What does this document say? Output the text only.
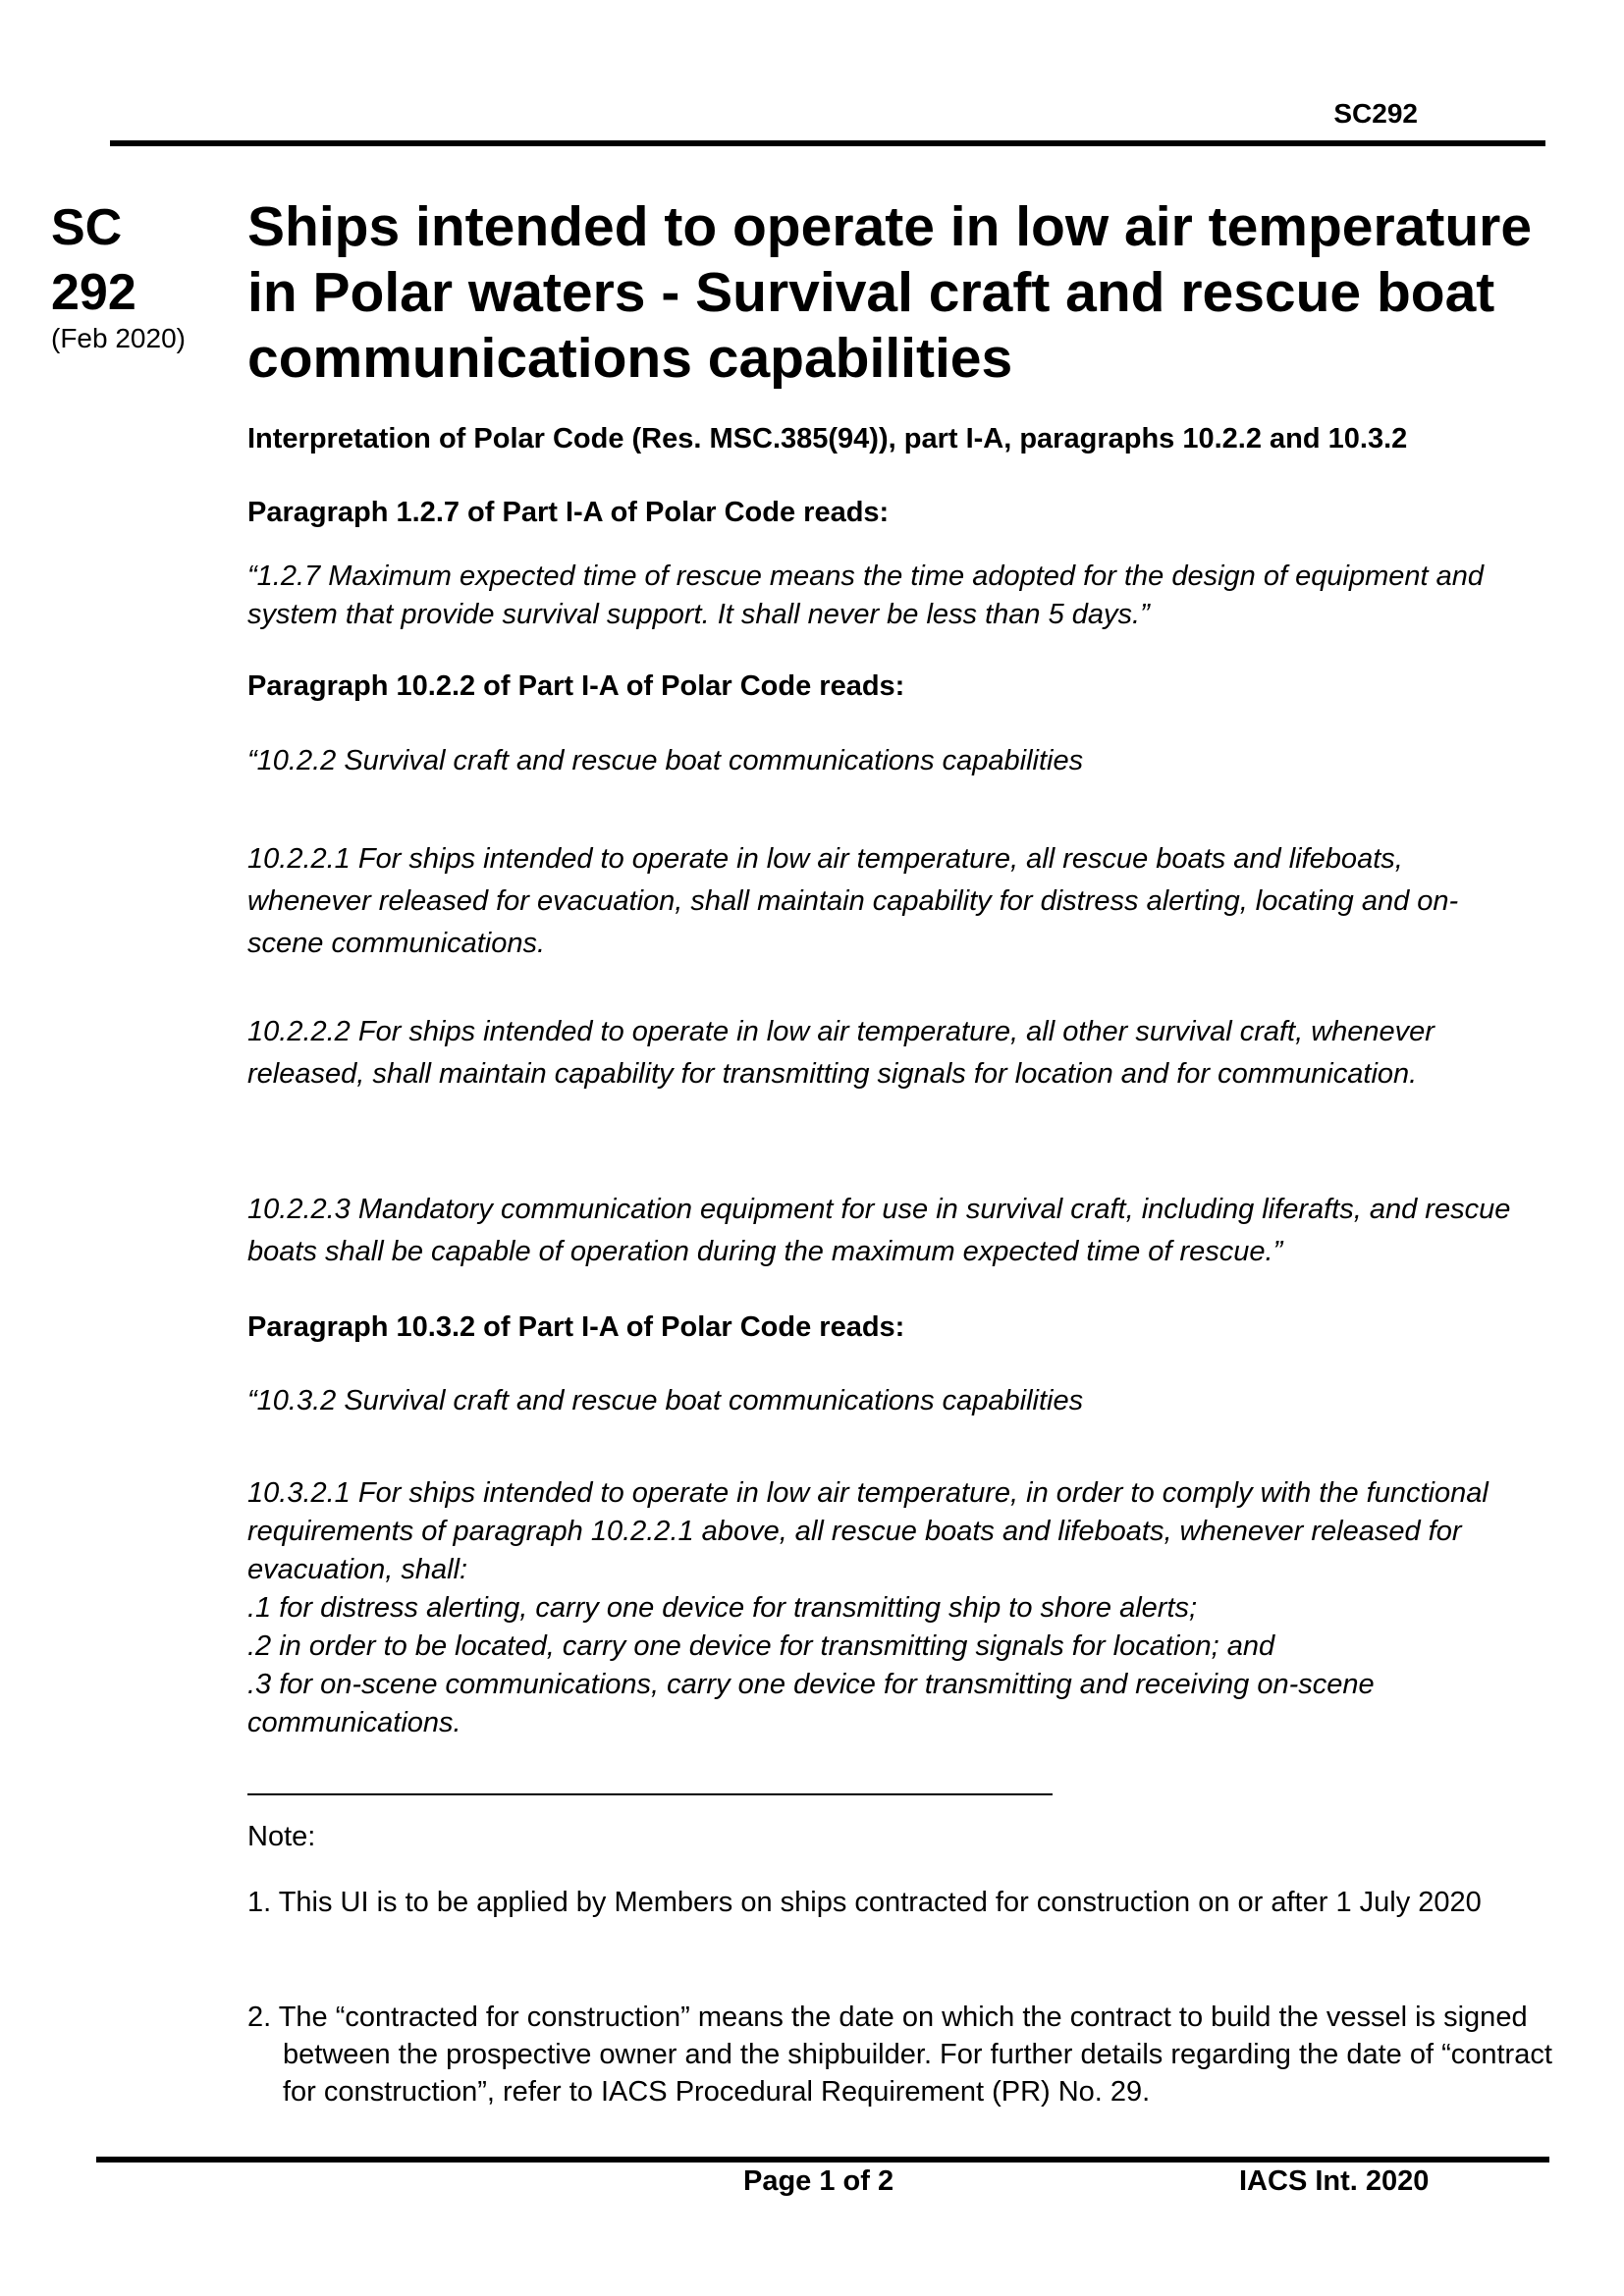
SC292
SC
292
(Feb 2020)
Ships intended to operate in low air temperature in Polar waters - Survival craft and rescue boat communications capabilities
Interpretation of Polar Code (Res. MSC.385(94)), part I-A, paragraphs 10.2.2 and 10.3.2
Paragraph 1.2.7 of Part I-A of Polar Code reads:
“1.2.7 Maximum expected time of rescue means the time adopted for the design of equipment and system that provide survival support. It shall never be less than 5 days.”
Paragraph 10.2.2 of Part I-A of Polar Code reads:
“10.2.2 Survival craft and rescue boat communications capabilities
10.2.2.1 For ships intended to operate in low air temperature, all rescue boats and lifeboats, whenever released for evacuation, shall maintain capability for distress alerting, locating and on-scene communications.
10.2.2.2 For ships intended to operate in low air temperature, all other survival craft, whenever released, shall maintain capability for transmitting signals for location and for communication.
10.2.2.3 Mandatory communication equipment for use in survival craft, including liferafts, and rescue boats shall be capable of operation during the maximum expected time of rescue.”
Paragraph 10.3.2 of Part I-A of Polar Code reads:
“10.3.2 Survival craft and rescue boat communications capabilities
10.3.2.1 For ships intended to operate in low air temperature, in order to comply with the functional requirements of paragraph 10.2.2.1 above, all rescue boats and lifeboats, whenever released for evacuation, shall:
.1 for distress alerting, carry one device for transmitting ship to shore alerts;
.2 in order to be located, carry one device for transmitting signals for location; and
.3 for on-scene communications, carry one device for transmitting and receiving on-scene communications.
Note:
1. This UI is to be applied by Members on ships contracted for construction on or after 1 July 2020
2. The “contracted for construction” means the date on which the contract to build the vessel is signed between the prospective owner and the shipbuilder. For further details regarding the date of “contract for construction”, refer to IACS Procedural Requirement (PR) No. 29.
Page 1 of 2	IACS Int. 2020
